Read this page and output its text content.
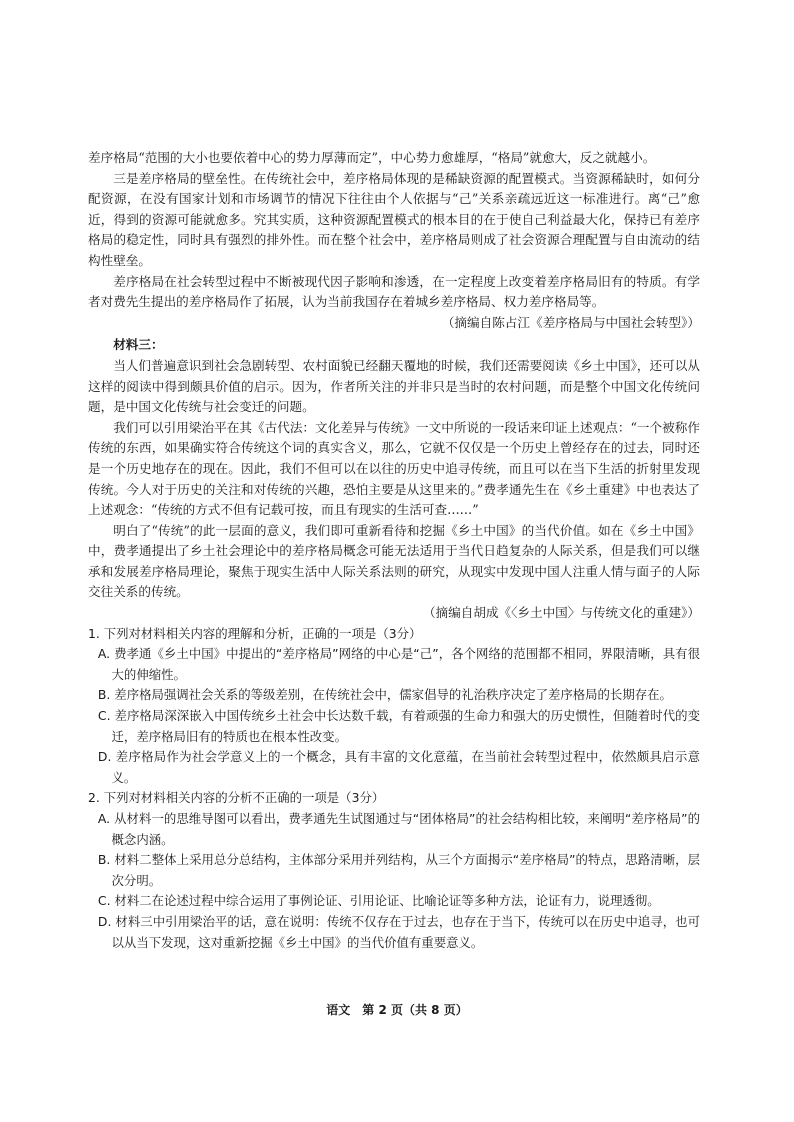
差序格局“范围的大小也要依着中心的势力厚薄而定”，中心势力愈雄厚，“格局”就愈大，反之就越小。

三是差序格局的壁垒性。在传统社会中，差序格局体现的是稀缺资源的配置模式。当资源稀缺时，如何分配资源，在没有国家计划和市场调节的情况下往往由个人依据与“己”关系亲疏远近这一标准进行。离“己”愈近，得到的资源可能就愈多。究其实质，这种资源配置模式的根本目的在于使自己利益最大化，保持已有差序格局的稳定性，同时具有强烈的排外性。而在整个社会中，差序格局则成了社会资源合理配置与自由流动的结构性壁垒。

差序格局在社会转型过程中不断被现代因子影响和渗透，在一定程度上改变着差序格局旧有的特质。有学者对费先生提出的差序格局作了拓展，认为当前我国存在着城乡差序格局、权力差序格局等。

（摘编自陈占江《差序格局与中国社会转型》）

材料三：

当人们普遍意识到社会急剧转型、农村面貌已经翻天覆地的时候，我们还需要阅读《乡土中国》，还可以从这样的阅读中得到颇具价值的启示。因为，作者所关注的并非只是当时的农村问题，而是整个中国文化传统问题，是中国文化传统与社会变迁的问题。

我们可以引用梁治平在其《古代法：文化差异与传统》一文中所说的一段话来印证上述观点：“一个被称作传统的东西，如果确实符合传统这个词的真实含义，那么，它就不仅仅是一个历史上曾经存在的过去，同时还是一个历史地存在的现在。因此，我们不但可以在以往的历史中追寻传统，而且可以在当下生活的折射里发现传统。今人对于历史的关注和对传统的兴趣，恐怕主要是从这里来的。”费孝通先生在《乡土重建》中也表达了上述观念：“传统的方式不但有记载可按，而且有现实的生活可查……”

明白了“传统”的此一层面的意义，我们即可重新看待和挖掘《乡土中国》的当代价值。如在《乡土中国》中，费孝通提出了乡土社会理论中的差序格局概念可能无法适用于当代日趋复杂的人际关系，但是我们可以继承和发展差序格局理论，聚焦于现实生活中人际关系法则的研究，从现实中发现中国人注重人情与面子的人际交往关系的传统。

（摘编自胡成《〈乡土中国〉与传统文化的重建》）

1. 下列对材料相关内容的理解和分析，正确的一项是（3分）

A. 费孝通《乡土中国》中提出的“差序格局”网络的中心是“己”，各个网络的范围都不相同，界限清晰，具有很大的伸缩性。

B. 差序格局强调社会关系的等级差别，在传统社会中，儒家倡导的礼治秩序决定了差序格局的长期存在。

C. 差序格局深深嵌入中国传统乡土社会中长达数千载，有着顽强的生命力和强大的历史惯性，但随着时代的变迁，差序格局旧有的特质也在根本性改变。

D. 差序格局作为社会学意义上的一个概念，具有丰富的文化意蕴，在当前社会转型过程中，依然颇具启示意义。

2. 下列对材料相关内容的分析不正确的一项是（3分）

A. 从材料一的思维导图可以看出，费孝通先生试图通过与“团体格局”的社会结构相比较，来阐明“差序格局”的概念内涵。

B. 材料二整体上采用总分总结构，主体部分采用并列结构，从三个方面揭示“差序格局”的特点，思路清晰，层次分明。

C. 材料二在论述过程中综合运用了事例论证、引用论证、比喻论证等多种方法，论证有力，说理透彻。

D. 材料三中引用梁治平的话，意在说明：传统不仅存在于过去，也存在于当下，传统可以在历史中追寻，也可以从当下发现，这对重新挖掘《乡土中国》的当代价值有重要意义。

语文　第 2 页（共 8 页）
